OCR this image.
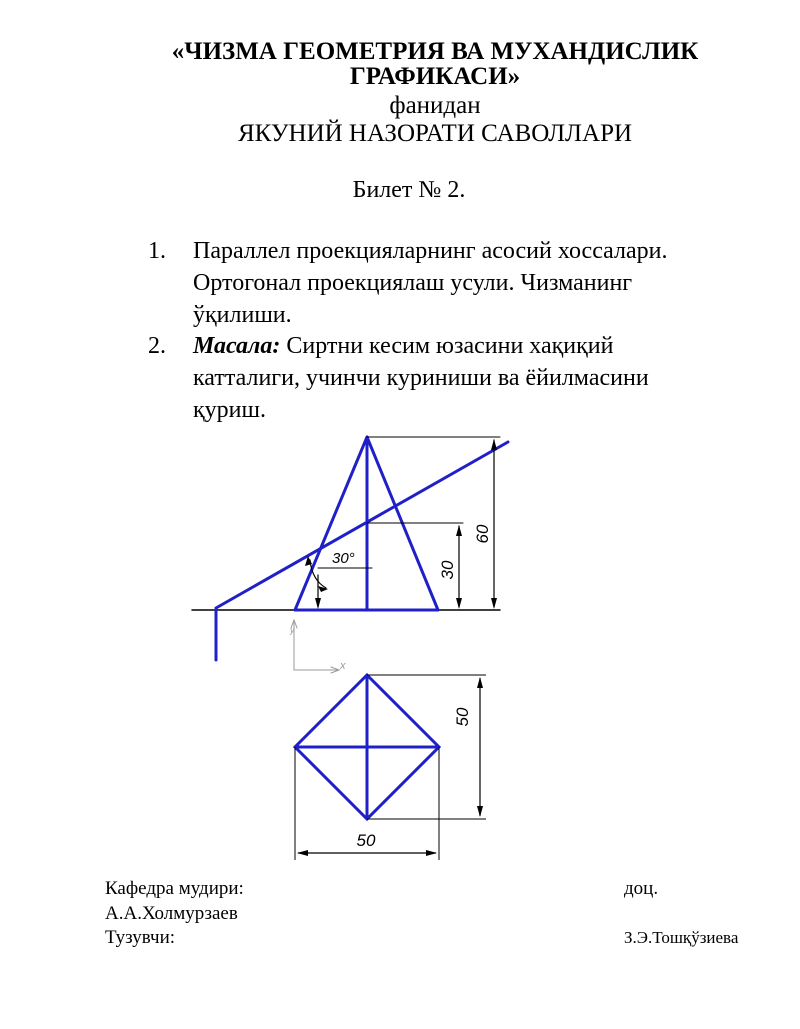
«ЧИЗМА ГЕОМЕТРИЯ ВА МУХАНДИСЛИК
ГРАФИКАСИ»
фанидан
ЯКУНИЙ НАЗОРАТИ САВОЛЛАРИ
Билет № 2.
1. Параллел проекцияларнинг асосий хоссалари.
Ортогонал проекциялаш усули. Чизманинг
ўқилиши.
2. Масала: Сиртни кесим юзасини хақиқий
катталиги, учинчи куриниши ва ёйилмасини
қуриш.
60
30
30°
50
50
x
y
Кафедра мудири:	доц.
А.А.Холмурзаев
Тузувчи:	З.Э.Тошқўзиева
